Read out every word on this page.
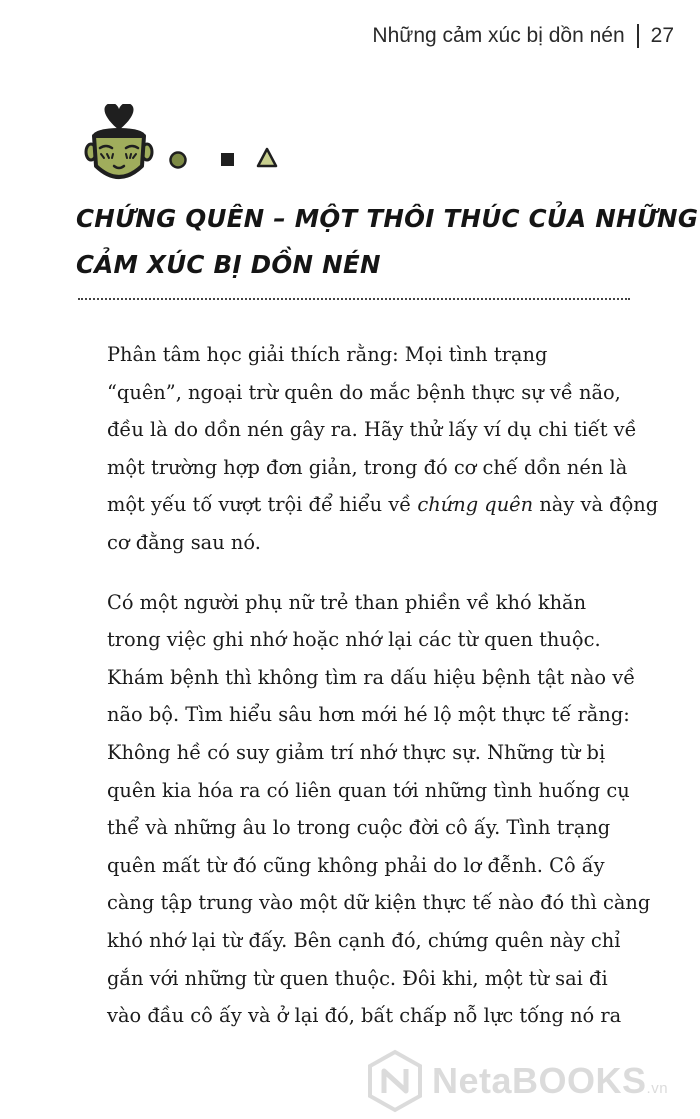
Những cảm xúc bị dồn nén 27
CHỨNG QUÊN – MỘT THÔI THÚC CỦA NHỮNG
CẢM XÚC BỊ DỒN NÉN

Phân tâm học giải thích rằng: Mọi tình trạng
“quên”, ngoại trừ quên do mắc bệnh thực sự về não,
đều là do dồn nén gây ra. Hãy thử lấy ví dụ chi tiết về
một trường hợp đơn giản, trong đó cơ chế dồn nén là
một yếu tố vượt trội để hiểu về chứng quên này và động
cơ đằng sau nó.

Có một người phụ nữ trẻ than phiền về khó khăn
trong việc ghi nhớ hoặc nhớ lại các từ quen thuộc.
Khám bệnh thì không tìm ra dấu hiệu bệnh tật nào về
não bộ. Tìm hiểu sâu hơn mới hé lộ một thực tế rằng:
Không hề có suy giảm trí nhớ thực sự. Những từ bị
quên kia hóa ra có liên quan tới những tình huống cụ
thể và những âu lo trong cuộc đời cô ấy. Tình trạng
quên mất từ đó cũng không phải do lơ đễnh. Cô ấy
càng tập trung vào một dữ kiện thực tế nào đó thì càng
khó nhớ lại từ đấy. Bên cạnh đó, chứng quên này chỉ
gắn với những từ quen thuộc. Đôi khi, một từ sai đi
vào đầu cô ấy và ở lại đó, bất chấp nỗ lực tống nó ra

NetaBOOKS.vn
